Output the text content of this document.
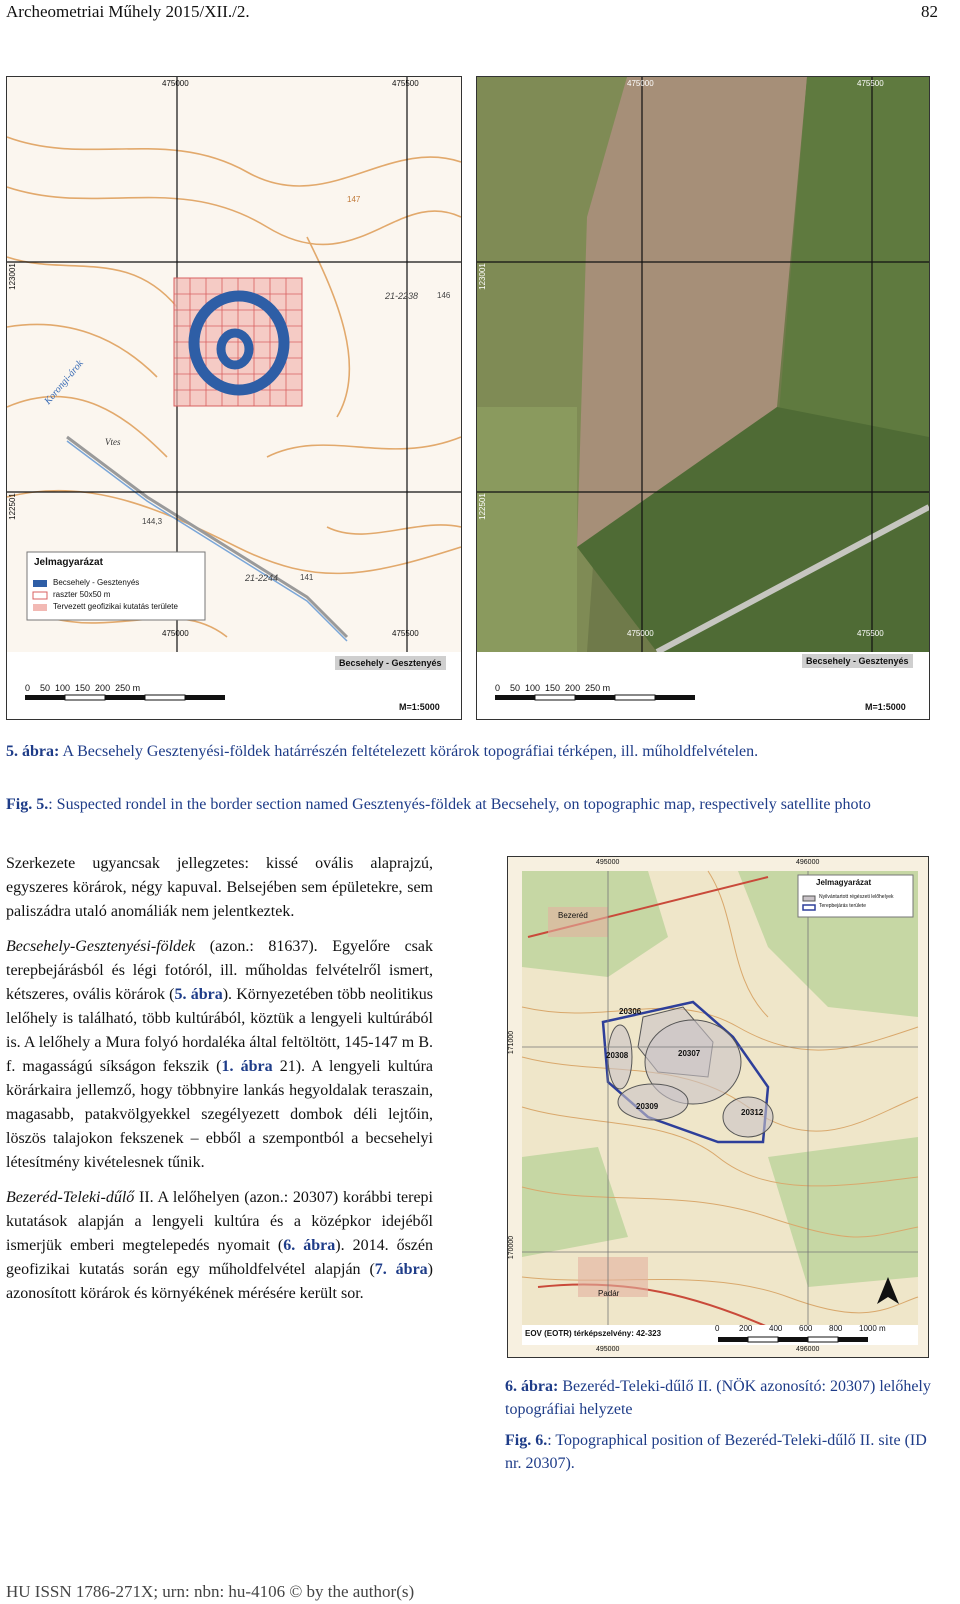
Archeometriai Műhely 2015/XII./2.	82
475000	475500
475000	475500
123001
122501
Korongi-árok
21-2238 146
144,3
21-2244	141
147
Vtes
Jelmagyarázat
Becsehely - Gesztenyés
raszter 50x50 m
Tervezett geofizikai kutatás területe
Becsehely - Gesztenyés
0    50  100  150  200  250 m
M=1:5000
475000	475500
475000	475500
123001
122501
Becsehely - Gesztenyés
0    50  100  150  200  250 m
M=1:5000
5. ábra: A Becsehely Gesztenyési-földek határrészén feltételezett körárok topográfiai térképen, ill. műholdfelvételen.
Fig. 5.: Suspected rondel in the border section named Gesztenyés-földek at Becsehely, on topographic map, respectively satellite photo

Szerkezete ugyancsak jellegzetes: kissé ovális alaprajzú, egyszeres körárok, négy kapuval. Belsejében sem épületekre, sem paliszádra utaló anomáliák nem jelentkeztek.

Becsehely-Gesztenyési-földek (azon.: 81637). Egyelőre csak terepbejárásból és légi fotóról, ill. műholdas felvételről ismert, kétszeres, ovális körárok (5. ábra). Környezetében több neolitikus lelőhely is található, több kultúrából, köztük a lengyeli kultúrából is. A lelőhely a Mura folyó hordaléka által feltöltött, 145-147 m B. f. magasságú síkságon fekszik (1. ábra 21). A lengyeli kultúra körárkaira jellemző, hogy többnyire lankás hegyoldalak teraszain, magasabb, patakvölgyekkel szegélyezett dombok déli lejtőin, löszös talajokon fekszenek – ebből a szempontból a becsehelyi létesítmény kivételesnek tűnik.

Bezeréd-Teleki-dűlő II. A lelőhelyen (azon.: 20307) korábbi terepi kutatások alapján a lengyeli kultúra és a középkor idejéből ismerjük emberi megtelepedés nyomait (6. ábra). 2014. őszén geofizikai kutatás során egy műholdfelvétel alapján (7. ábra) azonosított körárok és környékének mérésére került sor.

495000	496000
495000	496000
171000
170000
Jelmagyarázat
Nyilvántartott régészeti lelőhelyek
Terepbejárás területe
20306
20307
20308
20309
20312
Bezeréd
Padár
EOV (EOTR) térképszelvény: 42-323
0 200 400 600 800 1000 m
6. ábra: Bezeréd-Teleki-dűlő II. (NÖK azonosító: 20307) lelőhely topográfiai helyzete
Fig. 6.: Topographical position of Bezeréd-Teleki-dűlő II. site (ID nr. 20307).
HU ISSN 1786-271X; urn: nbn: hu-4106 © by the author(s)
